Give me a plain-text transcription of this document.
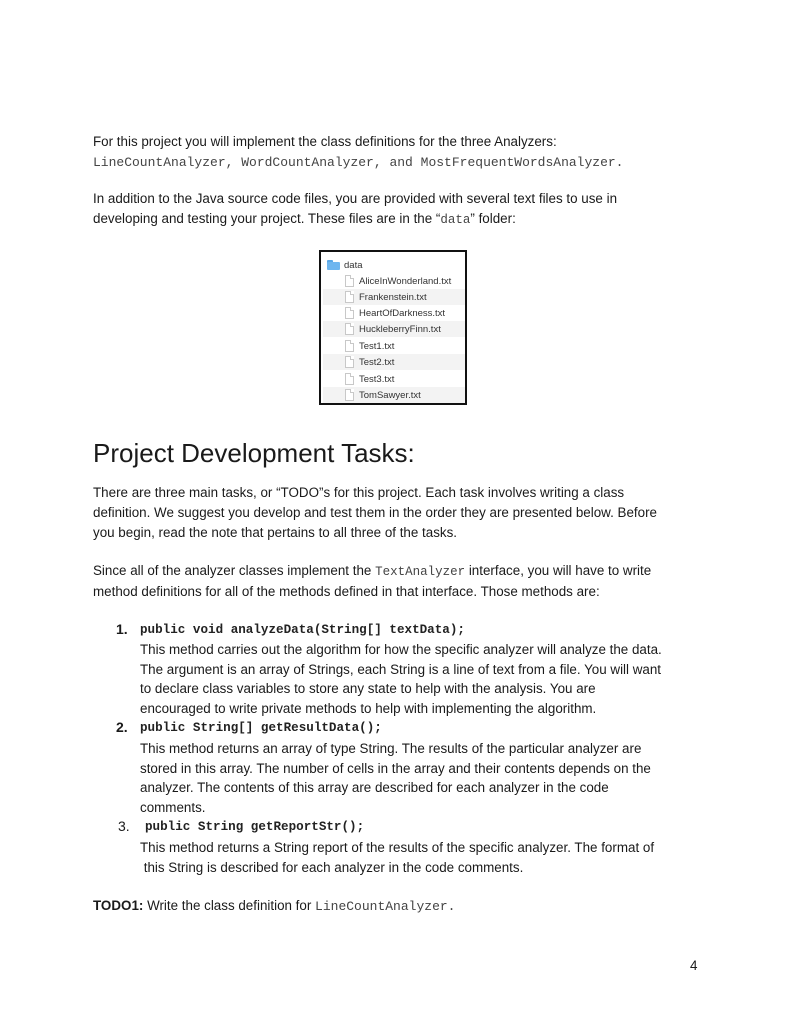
For this project you will implement the class definitions for the three Analyzers:
LineCountAnalyzer, WordCountAnalyzer, and MostFrequentWordsAnalyzer.

In addition to the Java source code files, you are provided with several text files to use in
developing and testing your project. These files are in the “data” folder:

data
AliceInWonderland.txt
Frankenstein.txt
HeartOfDarkness.txt
HuckleberryFinn.txt
Test1.txt
Test2.txt
Test3.txt
TomSawyer.txt
Project Development Tasks:

There are three main tasks, or “TODO”s for this project. Each task involves writing a class
definition. We suggest you develop and test them in the order they are presented below. Before
you begin, read the note that pertains to all three of the tasks.

Since all of the analyzer classes implement the TextAnalyzer interface, you will have to write
method definitions for all of the methods defined in that interface. Those methods are:

1. public void analyzeData(String[] textData);

This method carries out the algorithm for how the specific analyzer will analyze the data.
The argument is an array of Strings, each String is a line of text from a file. You will want
to declare class variables to store any state to help with the analysis. You are
encouraged to write private methods to help with implementing the algorithm.

2. public String[] getResultData();

This method returns an array of type String. The results of the particular analyzer are
stored in this array. The number of cells in the array and their contents depends on the
analyzer. The contents of this array are described for each analyzer in the code
comments.

3. public String getReportStr();

This method returns a String report of the results of the specific analyzer. The format of
this String is described for each analyzer in the code comments.

TODO1: Write the class definition for LineCountAnalyzer.
4
